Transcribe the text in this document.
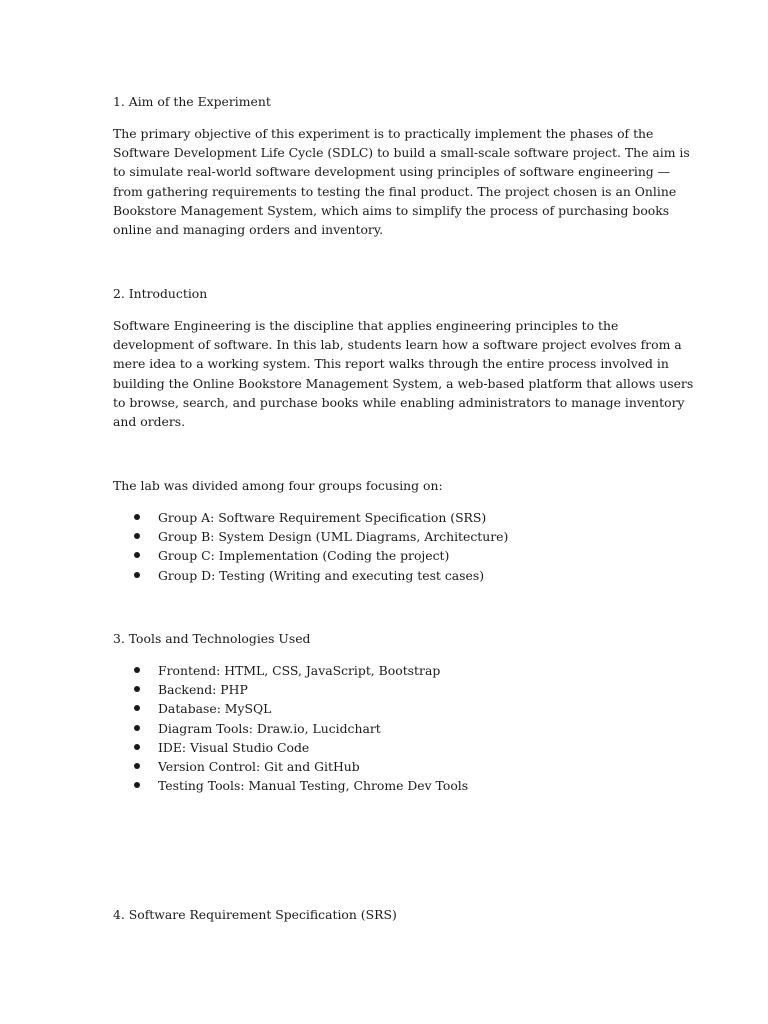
1. Aim of the Experiment

The primary objective of this experiment is to practically implement the phases of the
Software Development Life Cycle (SDLC) to build a small-scale software project. The aim is
to simulate real-world software development using principles of software engineering —
from gathering requirements to testing the final product. The project chosen is an Online
Bookstore Management System, which aims to simplify the process of purchasing books
online and managing orders and inventory.

2. Introduction

Software Engineering is the discipline that applies engineering principles to the
development of software. In this lab, students learn how a software project evolves from a
mere idea to a working system. This report walks through the entire process involved in
building the Online Bookstore Management System, a web-based platform that allows users
to browse, search, and purchase books while enabling administrators to manage inventory
and orders.

The lab was divided among four groups focusing on:
Group A: Software Requirement Specification (SRS)
Group B: System Design (UML Diagrams, Architecture)
Group C: Implementation (Coding the project)
Group D: Testing (Writing and executing test cases)
3. Tools and Technologies Used
Frontend: HTML, CSS, JavaScript, Bootstrap
Backend: PHP
Database: MySQL
Diagram Tools: Draw.io, Lucidchart
IDE: Visual Studio Code
Version Control: Git and GitHub
Testing Tools: Manual Testing, Chrome Dev Tools
4. Software Requirement Specification (SRS)
